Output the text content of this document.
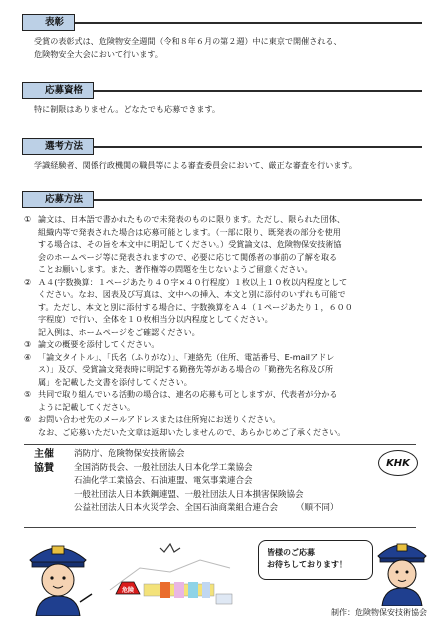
表彰
受賞の表彰式は、危険物安全週間（令和８年６月の第２週）中に東京で開催される、
危険物安全大会において行います。
応募資格
特に制限はありません。どなたでも応募できます。
選考方法
学識経験者、関係行政機関の職員等による審査委員会において、厳正な審査を行います。
応募方法
① 論文は、日本語で書かれたもので未発表のものに限ります。ただし、限られた団体、
組織内等で発表された場合は応募可能とします。（一部に限り、既発表の部分を使用
する場合は、その旨を本文中に明記してください。）受賞論文は、危険物保安技術協
会のホームページ等に発表されますので、必要に応じて関係者の事前の了解を取る
ことお願いします。また、著作権等の問題を生じないようご留意ください。
② Ａ４(字数換算：１ページあたり４０字×４０行程度）１枚以上１０枚以内程度として
ください。なお、図表及び写真は、文中への挿入、本文と別に添付のいずれも可能で
す。ただし、本文と別に添付する場合に、字数換算をＡ４（１ページあたり１，６００
字程度）で行い、全体を１０枚相当分以内程度としてください。
記入例は、ホームページをご確認ください。
③ 論文の概要を添付してください。
④ 「論文タイトル」、「氏名（ふりがな）」、「連絡先（住所、電話番号、E-mailアドレ
ス）」及び、受賞論文発表時に明記する勤務先等がある場合の「勤務先名称及び所
属」を記載した文書を添付してください。
⑤ 共同で取り組んでいる活動の場合は、連名の応募も可としますが、代表者が分かる
ように記載してください。
⑥ お問い合わせ先のメールアドレスまたは住所宛にお送りください。
なお、ご応募いただいた文章は返却いたしませんので、あらかじめご了承ください。
主催	消防庁、危険物保安技術協会
協賛	全国消防長会、一般社団法人日本化学工業協会
石油化学工業協会、石油連盟、電気事業連合会
一般社団法人日本鉄鋼連盟、一般社団法人日本損害保険協会
公益社団法人日本火災学会、全国石油商業組合連合会 （順不同）
KHK
危険
皆様のご応募
お待ちしております！
制作：危険物保安技術協会
